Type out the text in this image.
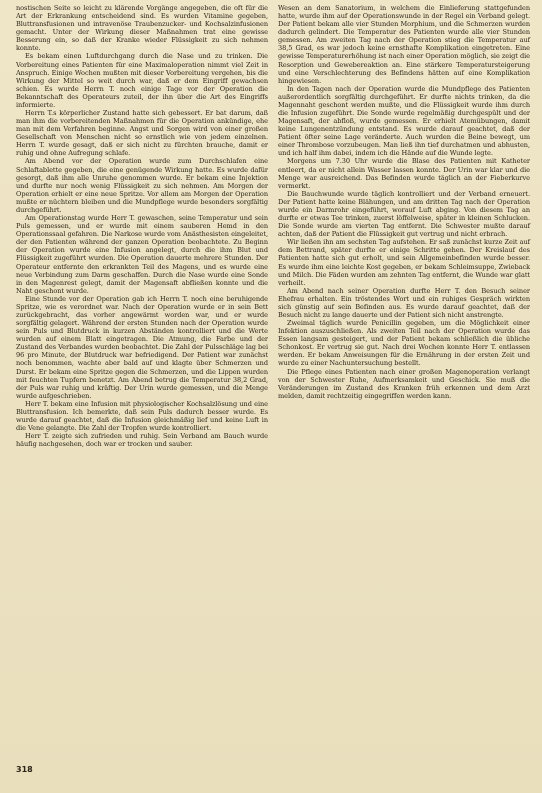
nostischen Seite so leicht zu klärende Vorgänge angegeben, die oft für die Art der Erkrankung entscheidend sind. Es wurden Vitamine gegeben, Bluttransfusionen und intravenöse Traubenzucker- und Kochsalzinfusionen gemacht. Unter der Wirkung dieser Maßnahmen trat eine gewisse Besserung ein, so daß der Kranke wieder Flüssigkeit zu sich nehmen konnte.

Es bekam einen Luftdurchgang durch die Nase und zu trinken. Die Vorbereitung eines Patienten für eine Maximaloperation nimmt viel Zeit in Anspruch. Einige Wochen mußten mit dieser Vorbereitung vergehen, bis die Wirkung der Mittel so weit durch war, daß er dem Eingriff gewachsen schien. Es wurde Herrn T. noch einige Tage vor der Operation die Bekanntschaft des Operateurs zuteil, der ihn über die Art des Eingriffs informierte.

Herrn T.s körperlicher Zustand hatte sich gebessert. Er bat darum, daß man ihm die vorbereitenden Maßnahmen für die Operation ankündige, ehe man mit dem Verfahren beginne. Angst und Sorgen wird von einer großen Gesellschaft von Menschen nicht so ernstlich wie von jedem einzelnen. Herrn T. wurde gesagt, daß er sich nicht zu fürchten brauche, damit er ruhig und ohne Aufregung schlafe.

Am Abend vor der Operation wurde zum Durchschlafen eine Schlaftablette gegeben, die eine genügende Wirkung hatte. Es wurde dafür gesorgt, daß ihm alle Unruhe genommen wurde. Er bekam eine Injektion und durfte nur noch wenig Flüssigkeit zu sich nehmen. Am Morgen der Operation erhielt er eine neue Spritze. Vor allem am Morgen der Operation mußte er nüchtern bleiben und die Mundpflege wurde besonders sorgfältig durchgeführt.

Am Operationstag wurde Herr T. gewaschen, seine Temperatur und sein Puls gemessen, und er wurde mit einem sauberen Hemd in den Operationssaal gefahren. Die Narkose wurde vom Anästhesisten eingeleitet, der den Patienten während der ganzen Operation beobachtete. Zu Beginn der Operation wurde eine Infusion angelegt, durch die ihm Blut und Flüssigkeit zugeführt wurden. Die Operation dauerte mehrere Stunden. Der Operateur entfernte den erkrankten Teil des Magens, und es wurde eine neue Verbindung zum Darm geschaffen. Durch die Nase wurde eine Sonde in den Magenrest gelegt, damit der Magensaft abfließen konnte und die Naht geschont wurde.

Eine Stunde vor der Operation gab ich Herrn T. noch eine beruhigende Spritze, wie es verordnet war. Nach der Operation wurde er in sein Bett zurückgebracht, das vorher angewärmt worden war, und er wurde sorgfältig gelagert. Während der ersten Stunden nach der Operation wurde sein Puls und Blutdruck in kurzen Abständen kontrolliert und die Werte wurden auf einem Blatt eingetragen. Die Atmung, die Farbe und der Zustand des Verbandes wurden beobachtet. Die Zahl der Pulsschläge lag bei 96 pro Minute, der Blutdruck war befriedigend. Der Patient war zunächst noch benommen, wachte aber bald auf und klagte über Schmerzen und Durst. Er bekam eine Spritze gegen die Schmerzen, und die Lippen wurden mit feuchten Tupfern benetzt. Am Abend betrug die Temperatur 38,2 Grad, der Puls war ruhig und kräftig. Der Urin wurde gemessen, und die Menge wurde aufgeschrieben.

Herr T. bekam eine Infusion mit physiologischer Kochsalzlösung und eine Bluttransfusion. Ich bemerkte, daß sein Puls dadurch besser wurde. Es wurde darauf geachtet, daß die Infusion gleichmäßig lief und keine Luft in die Vene gelangte. Die Zahl der Tropfen wurde kontrolliert.

Herr T. zeigte sich zufrieden und ruhig. Sein Verband am Bauch wurde häufig nachgesehen, doch war er trocken und sauber.

Wesen an dem Sanatorium, in welchem die Einlieferung stattgefunden hatte, wurde ihm auf der Operationswunde in der Regel ein Verband gelegt. Der Patient bekam alle vier Stunden Morphium, und die Schmerzen wurden dadurch gelindert. Die Temperatur des Patienten wurde alle vier Stunden gemessen. Am zweiten Tag nach der Operation stieg die Temperatur auf 38,5 Grad, es war jedoch keine ernsthafte Komplikation eingetreten. Eine gewisse Temperaturerhöhung ist nach einer Operation möglich, sie zeigt die Resorption und Gewebereaktion an. Eine stärkere Temperatursteigerung und eine Verschlechterung des Befindens hätten auf eine Komplikation hingewiesen.

In den Tagen nach der Operation wurde die Mundpflege des Patienten außerordentlich sorgfältig durchgeführt. Er durfte nichts trinken, da die Magennaht geschont werden mußte, und die Flüssigkeit wurde ihm durch die Infusion zugeführt. Die Sonde wurde regelmäßig durchgespült und der Magensaft, der abfloß, wurde gemessen. Er erhielt Atemübungen, damit keine Lungenentzündung entstand. Es wurde darauf geachtet, daß der Patient öfter seine Lage veränderte. Auch wurden die Beine bewegt, um einer Thrombose vorzubeugen. Man ließ ihn tief durchatmen und abhusten, und ich half ihm dabei, indem ich die Hände auf die Wunde legte.

Morgens um 7.30 Uhr wurde die Blase des Patienten mit Katheter entleert, da er nicht allein Wasser lassen konnte. Der Urin war klar und die Menge war ausreichend. Das Befinden wurde täglich an der Fieberkurve vermerkt.

Die Bauchwunde wurde täglich kontrolliert und der Verband erneuert. Der Patient hatte keine Blähungen, und am dritten Tag nach der Operation wurde ein Darmrohr eingeführt, worauf Luft abging. Von diesem Tag an durfte er etwas Tee trinken, zuerst löffelweise, später in kleinen Schlucken. Die Sonde wurde am vierten Tag entfernt. Die Schwester mußte darauf achten, daß der Patient die Flüssigkeit gut vertrug und nicht erbrach.

Wir ließen ihn am sechsten Tag aufstehen. Er saß zunächst kurze Zeit auf dem Bettrand, später durfte er einige Schritte gehen. Der Kreislauf des Patienten hatte sich gut erholt, und sein Allgemeinbefinden wurde besser. Es wurde ihm eine leichte Kost gegeben, er bekam Schleimsuppe, Zwieback und Milch. Die Fäden wurden am zehnten Tag entfernt, die Wunde war glatt verheilt.

Am Abend nach seiner Operation durfte Herr T. den Besuch seiner Ehefrau erhalten. Ein tröstendes Wort und ein ruhiges Gespräch wirkten sich günstig auf sein Befinden aus. Es wurde darauf geachtet, daß der Besuch nicht zu lange dauerte und der Patient sich nicht anstrengte.

Zweimal täglich wurde Penicillin gegeben, um die Möglichkeit einer Infektion auszuschließen. Als zweiten Teil nach der Operation wurde das Essen langsam gesteigert, und der Patient bekam schließlich die übliche Schonkost. Er vertrug sie gut. Nach drei Wochen konnte Herr T. entlassen werden. Er bekam Anweisungen für die Ernährung in der ersten Zeit und wurde zu einer Nachuntersuchung bestellt.

Die Pflege eines Patienten nach einer großen Magenoperation verlangt von der Schwester Ruhe, Aufmerksamkeit und Geschick. Sie muß die Veränderungen im Zustand des Kranken früh erkennen und dem Arzt melden, damit rechtzeitig eingegriffen werden kann.

318
